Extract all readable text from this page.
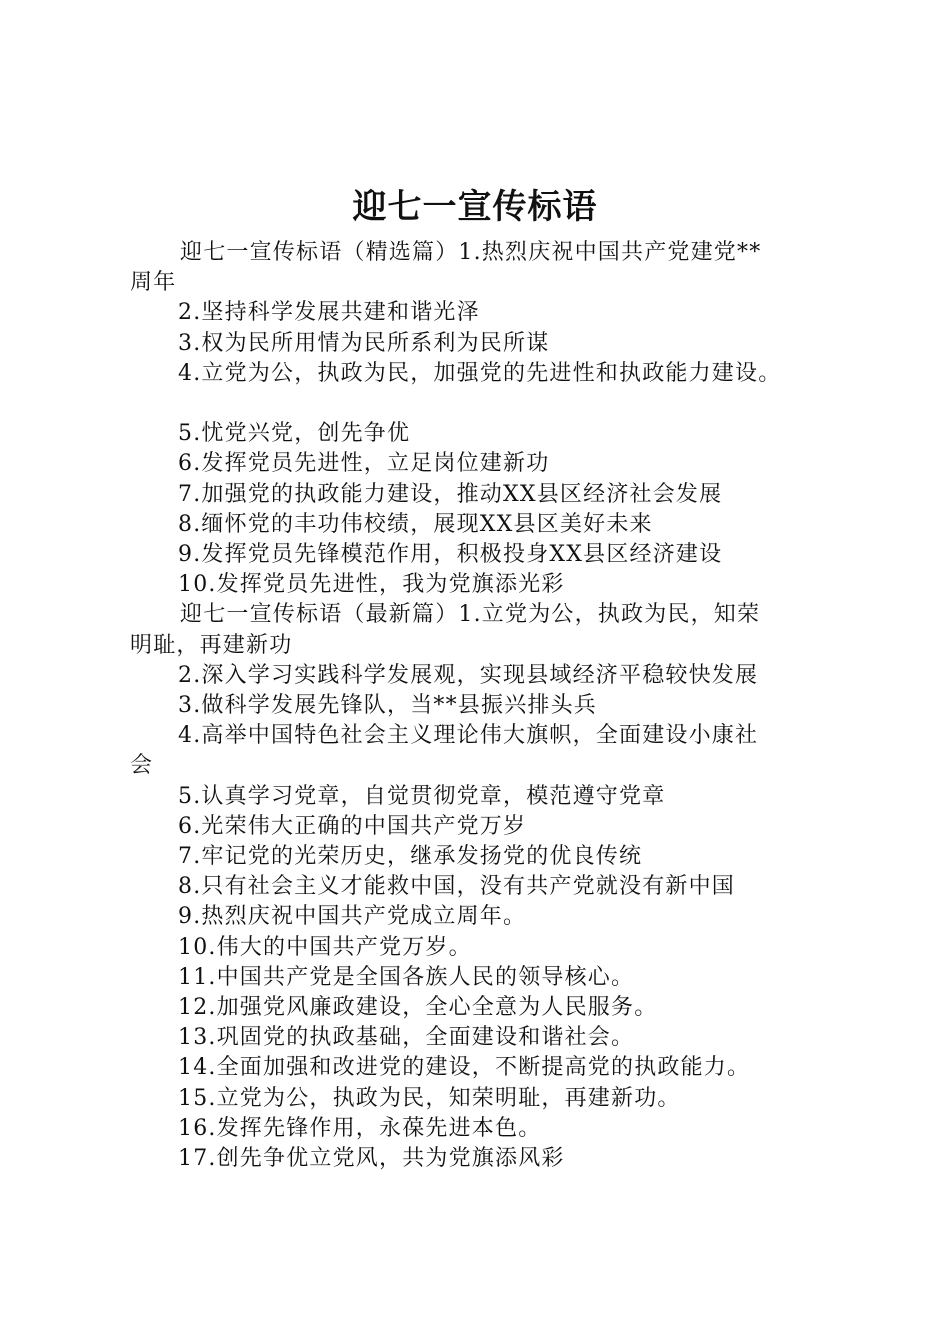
迎七一宣传标语
迎七一宣传标语（精选篇）1.热烈庆祝中国共产党建党**
周年
2.坚持科学发展共建和谐光泽
3.权为民所用情为民所系利为民所谋
4.立党为公，执政为民，加强党的先进性和执政能力建设。
5.忧党兴党，创先争优
6.发挥党员先进性，立足岗位建新功
7.加强党的执政能力建设，推动XX县区经济社会发展
8.缅怀党的丰功伟校绩，展现XX县区美好未来
9.发挥党员先锋模范作用，积极投身XX县区经济建设
10.发挥党员先进性，我为党旗添光彩
迎七一宣传标语（最新篇）1.立党为公，执政为民，知荣
明耻，再建新功
2.深入学习实践科学发展观，实现县域经济平稳较快发展
3.做科学发展先锋队，当**县振兴排头兵
4.高举中国特色社会主义理论伟大旗帜，全面建设小康社
会
5.认真学习党章，自觉贯彻党章，模范遵守党章
6.光荣伟大正确的中国共产党万岁
7.牢记党的光荣历史，继承发扬党的优良传统
8.只有社会主义才能救中国，没有共产党就没有新中国
9.热烈庆祝中国共产党成立周年。
10.伟大的中国共产党万岁。
11.中国共产党是全国各族人民的领导核心。
12.加强党风廉政建设，全心全意为人民服务。
13.巩固党的执政基础，全面建设和谐社会。
14.全面加强和改进党的建设，不断提高党的执政能力。
15.立党为公，执政为民，知荣明耻，再建新功。
16.发挥先锋作用，永葆先进本色。
17.创先争优立党风，共为党旗添风彩
